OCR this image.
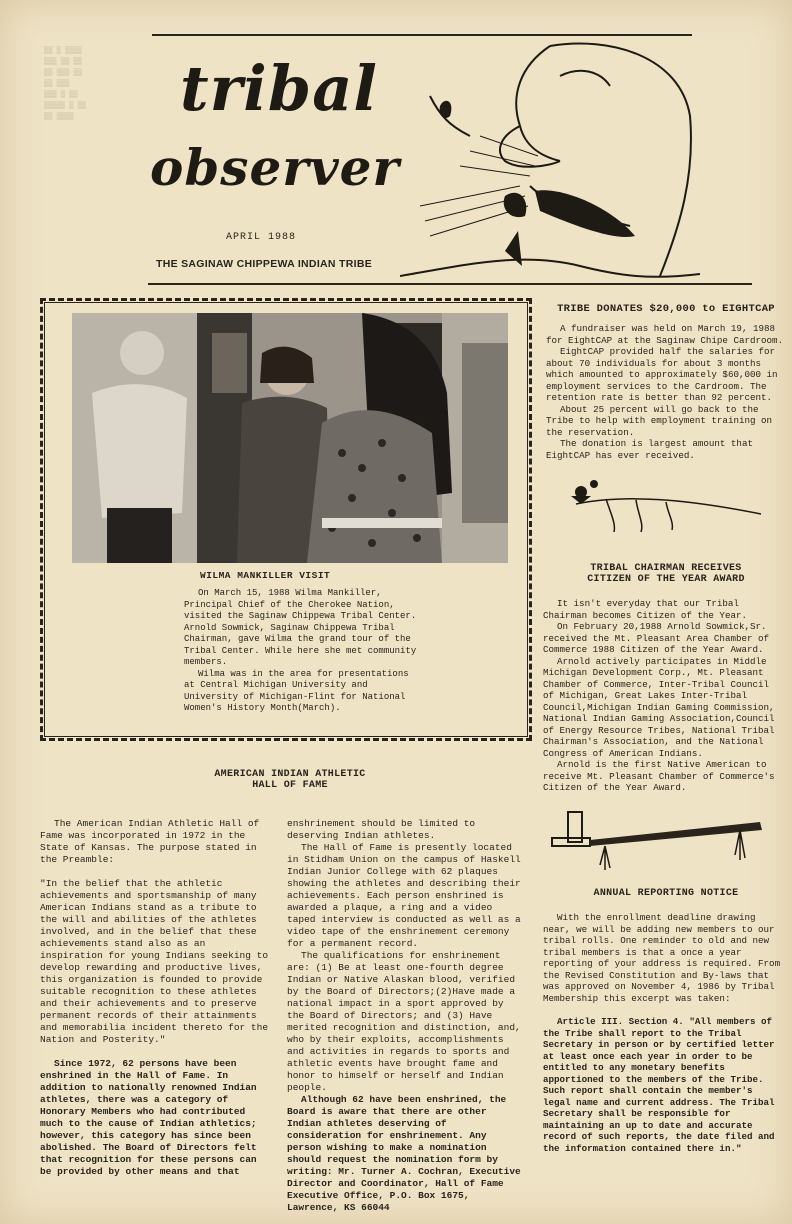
▒▒ ▒ ▒▒▒▒
▒▒▒ ▒▒ ▒▒
▒▒ ▒▒▒ ▒▒
▒▒ ▒▒▒
▒▒▒ ▒ ▒▒
▒▒▒▒▒ ▒ ▒▒
▒▒ ▒▒▒▒	tribal
observer
APRIL 1988
THE SAGINAW CHIPPEWA INDIAN TRIBE
WILMA MANKILLER VISIT

On March 15, 1988 Wilma Mankiller, Principal Chief of the Cherokee Nation, visited the Saginaw Chippewa Tribal Center. Arnold Sowmick, Saginaw Chippewa Tribal Chairman, gave Wilma the grand tour of the Tribal Center. While here she met community members.

Wilma was in the area for presentations at Central Michigan University and University of Michigan-Flint for National Women's History Month(March).

TRIBE DONATES $20,000 to EIGHTCAP

A fundraiser was held on March 19, 1988 for EightCAP at the Saginaw Chipe Cardroom.

EightCAP provided half the salaries for about 70 individuals for about 3 months which amounted to approximately $60,000 in employment services to the Cardroom. The retention rate is better than 92 percent.

About 25 percent will go back to the Tribe to help with employment training on the reservation.

The donation is largest amount that EightCAP has ever received.

TRIBAL CHAIRMAN RECEIVES
CITIZEN OF THE YEAR AWARD

It isn't everyday that our Tribal Chairman becomes Citizen of the Year.

On February 20,1988 Arnold Sowmick,Sr. received the Mt. Pleasant Area Chamber of Commerce 1988 Citizen of the Year Award.

Arnold actively participates in Middle Michigan Development Corp., Mt. Pleasant Chamber of Commerce, Inter-Tribal Council of Michigan, Great Lakes Inter-Tribal Council,Michigan Indian Gaming Commission, National Indian Gaming Association,Council of Energy Resource Tribes, National Tribal Chairman's Association, and the National Congress of American Indians.

Arnold is the first Native American to receive Mt. Pleasant Chamber of Commerce's Citizen of the Year Award.

ANNUAL REPORTING NOTICE

With the enrollment deadline drawing near, we will be adding new members to our tribal rolls. One reminder to old and new tribal members is that a once a year reporting of your address is required. From the Revised Constitution and By-laws that was approved on November 4, 1986 by Tribal Membership this excerpt was taken:

Article III. Section 4. "All members of the Tribe shall report to the Tribal Secretary in person or by certified letter at least once each year in order to be entitled to any monetary benefits apportioned to the members of the Tribe. Such report shall contain the member's legal name and current address. The Tribal Secretary shall be responsible for maintaining an up to date and accurate record of such reports, the date filed and the information contained there in."

AMERICAN INDIAN ATHLETIC
HALL OF FAME

The American Indian Athletic Hall of Fame was incorporated in 1972 in the State of Kansas. The purpose stated in the Preamble:

"In the belief that the athletic achievements and sportsmanship of many American Indians stand as a tribute to the will and abilities of the athletes involved, and in the belief that these achievements stand also as an inspiration for young Indians seeking to develop rewarding and productive lives, this organization is founded to provide suitable recognition to these athletes and their achievements and to preserve permanent records of their attainments and memorabilia incident thereto for the Nation and Posterity."

Since 1972, 62 persons have been enshrined in the Hall of Fame. In addition to nationally renowned Indian athletes, there was a category of Honorary Members who had contributed much to the cause of Indian athletics; however, this category has since been abolished. The Board of Directors felt that recognition for these persons can be provided by other means and that

enshrinement should be limited to deserving Indian athletes.

The Hall of Fame is presently located in Stidham Union on the campus of Haskell Indian Junior College with 62 plaques showing the athletes and describing their achievements. Each person enshrined is awarded a plaque, a ring and a video taped interview is conducted as well as a video tape of the enshrinement ceremony for a permanent record.

The qualifications for enshrinement are: (1) Be at least one-fourth degree Indian or Native Alaskan blood, verified by the Board of Directors;(2)Have made a national impact in a sport approved by the Board of Directors; and (3) Have merited recognition and distinction, and, who by their exploits, accomplishments and activities in regards to sports and athletic events have brought fame and honor to himself or herself and Indian people.

Although 62 have been enshrined, the Board is aware that there are other Indian athletes deserving of consideration for enshrinement. Any person wishing to make a nomination should request the nomination form by writing: Mr. Turner A. Cochran, Executive Director and Coordinator, Hall of Fame Executive Office, P.O. Box 1675, Lawrence, KS 66044
